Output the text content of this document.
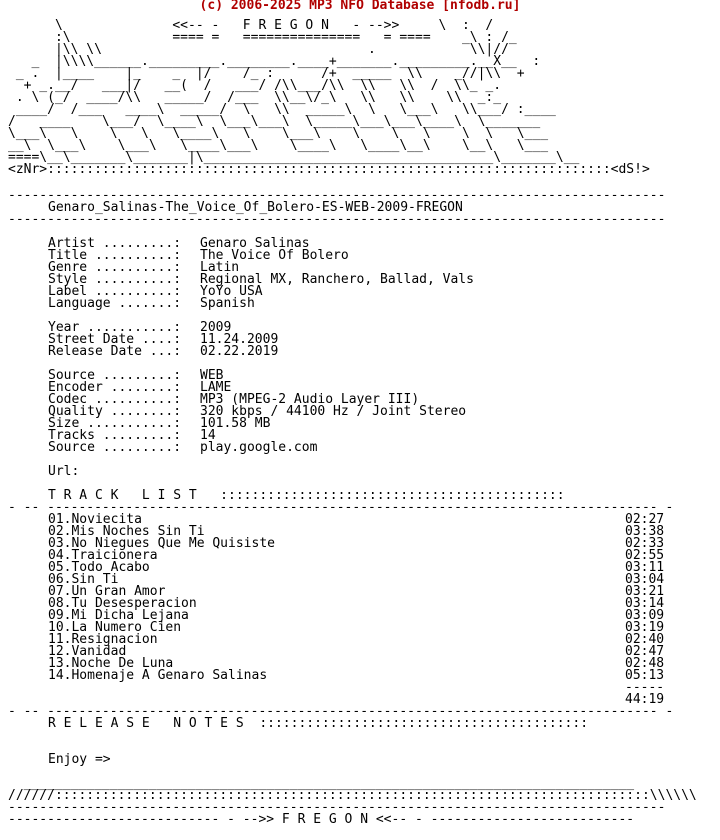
(c) 2006-2025 MP3 NFO Database [nfodb.ru]
\              <<-- -   F R E G O N   - -->>     \  :  /
:\             ==== =   ===============   = ====    _\ : /_
|\\ \\                                  .            \\|//
_  |\\\\______._________.________.____+_______._________.__X__  :
_ .  |____    |_    _  |/    /_ :      /+  _____  \\    _//|\\  +
+ _.__/   ___|/   __(  /   ___/ /\\___/\\  \\   \\  /  \\_ _.
. \ (_/  ____/\\   _____/  /___  \\__\/_\   \\   \\    \\  _:_
____/  /___   ____\  _____/  \   \\  _____\  \   \___\   \\___/ :____
/   ____    \___/  \____\  \___\___\  \_____\___\___\____\  \_______
\___\   \    \   \   \____\   \    \___\    \    \   \    \  \   \___
__\  \___\    \___\   \____\___\    \____\   \____\__\    \__\   \___
====\__\_______\_______|\_____________________________________\_______\__
<zNr>::::::::::::::::::::::::::::::::::::::::::::::::::::::::::::::::::::::::<dS!>
------------------------------------------------------------------------------------
Genaro_Salinas-The_Voice_Of_Bolero-ES-WEB-2009-FREGON
------------------------------------------------------------------------------------
Artist .........: Genaro Salinas
Title ..........: The Voice Of Bolero
Genre ..........: Latin
Style ..........: Regional MX, Ranchero, Ballad, Vals
Label ..........: YoYo USA
Language .......: Spanish
Year ...........: 2009
Street Date ....: 11.24.2009
Release Date ...: 02.22.2019
Source .........: WEB
Encoder ........: LAME
Codec ..........: MP3 (MPEG-2 Audio Layer III)
Quality ........: 320 kbps / 44100 Hz / Joint Stereo
Size ...........: 101.58 MB
Tracks .........: 14
Source .........: play.google.com
Url:
T R A C K   L I S T   ::::::::::::::::::::::::::::::::::::::::::::
- -- ------------------------------------------------------------------------------ -
01.Noviecita	02:27
02.Mis Noches Sin Ti	03:38
03.No Niegues Que Me Quisiste	02:33
04.Traicionera	02:55
05.Todo Acabo	03:11
06.Sin Ti	03:04
07.Un Gran Amor	03:21
08.Tu Desesperacion	03:14
09.Mi Dicha Lejana	03:09
10.La Numero Cien	03:19
11.Resignacion	02:40
12.Vanidad	02:47
13.Noche De Luna	02:48
14.Homenaje A Genaro Salinas	05:13
-----
44:19
- -- ------------------------------------------------------------------------------ -
R E L E A S E   N O T E S  ::::::::::::::::::::::::::::::::::::::::::
Enjoy =>
______________________________________________________________________________
//////::::::::::::::::::::::::::::::::::::::::::::::::::::::::::::::::::::::::::::\\\\\\
------------------------------------------------------------------------------------
--------------------------- - -->> F R E G O N <<-- - --------------------------
